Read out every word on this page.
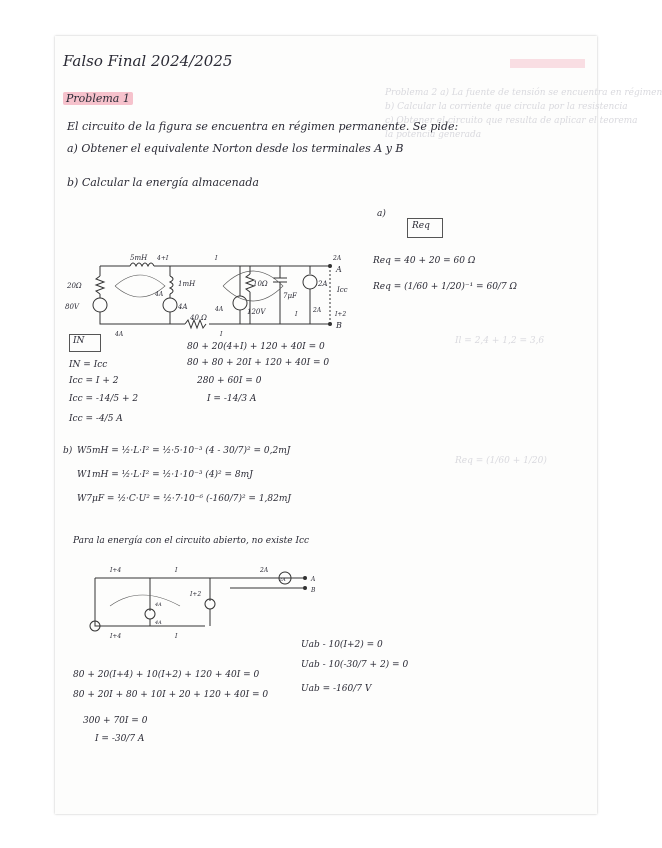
Problema 2 a) La fuente de tensión se encuentra en régimen
b) Calcular la corriente que circula por la resistencia
c) Obtener el circuito que resulta de aplicar el teorema
la potencia generada
Il = 2,4 + 1,2 = 3,6
Req = (1/60 + 1/20)
Falso Final 2024/2025
Problema 1
El circuito de la figura se encuentra en régimen permanente. Se pide:
a) Obtener el equivalente Norton desde los terminales A y B
b) Calcular la energía almacenada
5mH 4+I	I	2A
20Ω
80V
1mH
4A
10Ω
7μF
2A
A
B
Icc
40 Ω
120V
I
4A
I+2
I
4A
4A	2A
a)
Req
Req = 40 + 20 = 60 Ω
Req = (1/60 + 1/20)⁻¹ = 60/7 Ω
IN
IN = Icc
Icc = I + 2
Icc = -14/5 + 2
Icc = -4/5 A
80 + 20(4+I) + 120 + 40I = 0
80 + 80 + 20I + 120 + 40I = 0
280 + 60I = 0
I = -14/3 A
b) W5mH = ½·L·I² = ½·5·10⁻³ (4 - 30/7)² = 0,2mJ
W1mH = ½·L·I² = ½·1·10⁻³ (4)² = 8mJ
W7μF = ½·C·U² = ½·7·10⁻⁶ (-160/7)² = 1,82mJ
Para la energía con el circuito abierto, no existe Icc
I+4	I	2A
A
B
I+2
I+4	I
4A
2A
4A
80 + 20(I+4) + 10(I+2) + 120 + 40I = 0
80 + 20I + 80 + 10I + 20 + 120 + 40I = 0
300 + 70I = 0
I = -30/7 A
Uab - 10(I+2) = 0
Uab - 10(-30/7 + 2) = 0
Uab = -160/7 V
